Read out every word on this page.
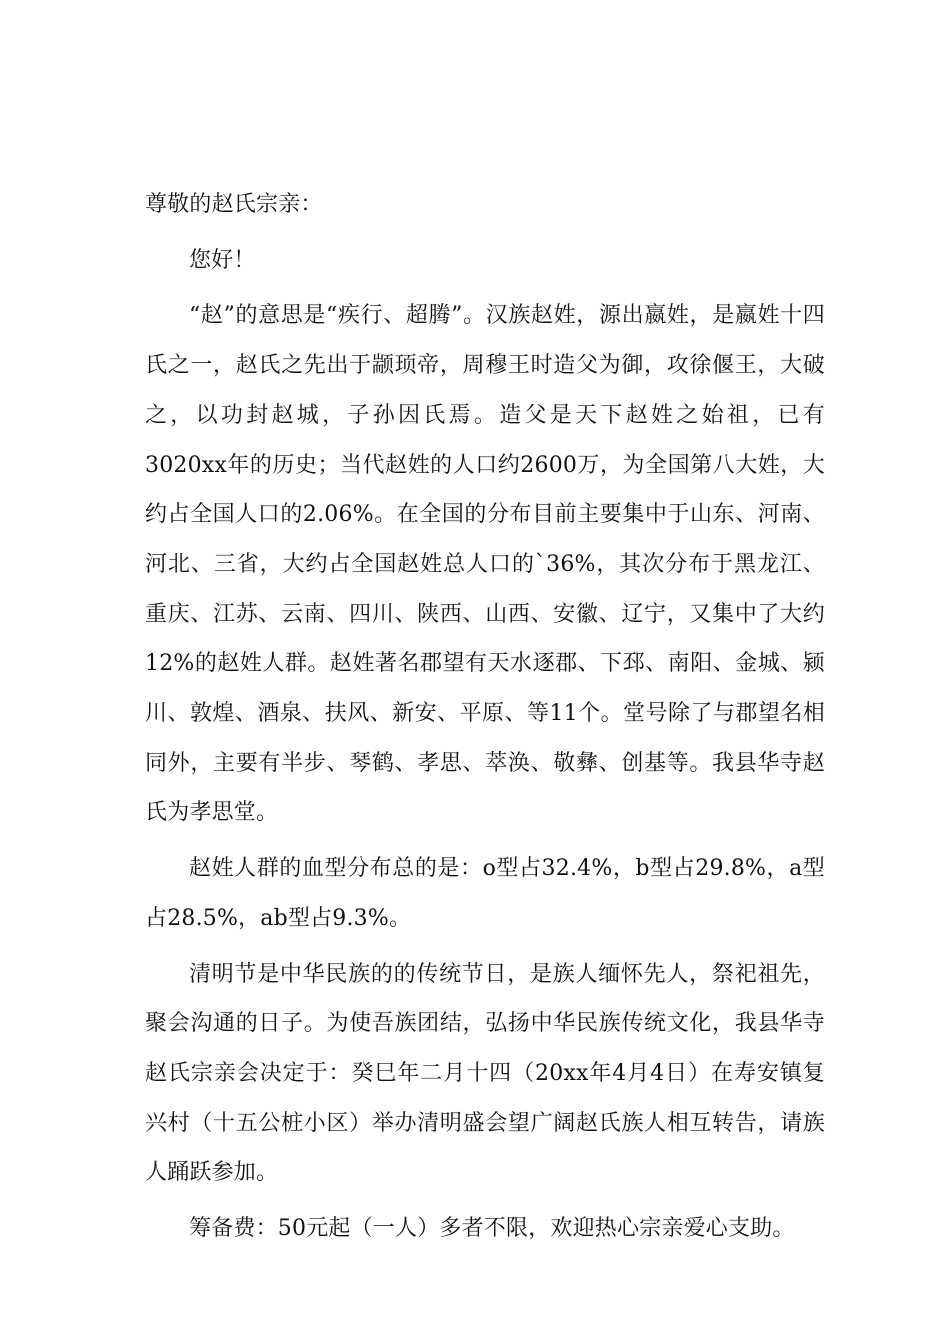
尊敬的赵氏宗亲：

您好！

“赵”的意思是“疾行、超腾”。汉族赵姓，源出嬴姓，是嬴姓十四氏之一，赵氏之先出于颛顼帝，周穆王时造父为御，攻徐偃王，大破之，以功封赵城，子孙因氏焉。造父是天下赵姓之始祖，已有3020xx年的历史；当代赵姓的人口约2600万，为全国第八大姓，大约占全国人口的2.06%。在全国的分布目前主要集中于山东、河南、河北、三省，大约占全国赵姓总人口的`36%，其次分布于黑龙江、重庆、江苏、云南、四川、陕西、山西、安徽、辽宁，又集中了大约12%的赵姓人群。赵姓著名郡望有天水逐郡、下邳、南阳、金城、颍川、敦煌、酒泉、扶风、新安、平原、等11个。堂号除了与郡望名相同外，主要有半步、琴鹤、孝思、萃涣、敬彝、创基等。我县华寺赵氏为孝思堂。

赵姓人群的血型分布总的是：o型占32.4%，b型占29.8%，a型占28.5%，ab型占9.3%。

清明节是中华民族的的传统节日，是族人缅怀先人，祭祀祖先，聚会沟通的日子。为使吾族团结，弘扬中华民族传统文化，我县华寺赵氏宗亲会决定于：癸巳年二月十四（20xx年4月4日）在寿安镇复兴村（十五公桩小区）举办清明盛会望广阔赵氏族人相互转告，请族人踊跃参加。

筹备费：50元起（一人）多者不限，欢迎热心宗亲爱心支助。
